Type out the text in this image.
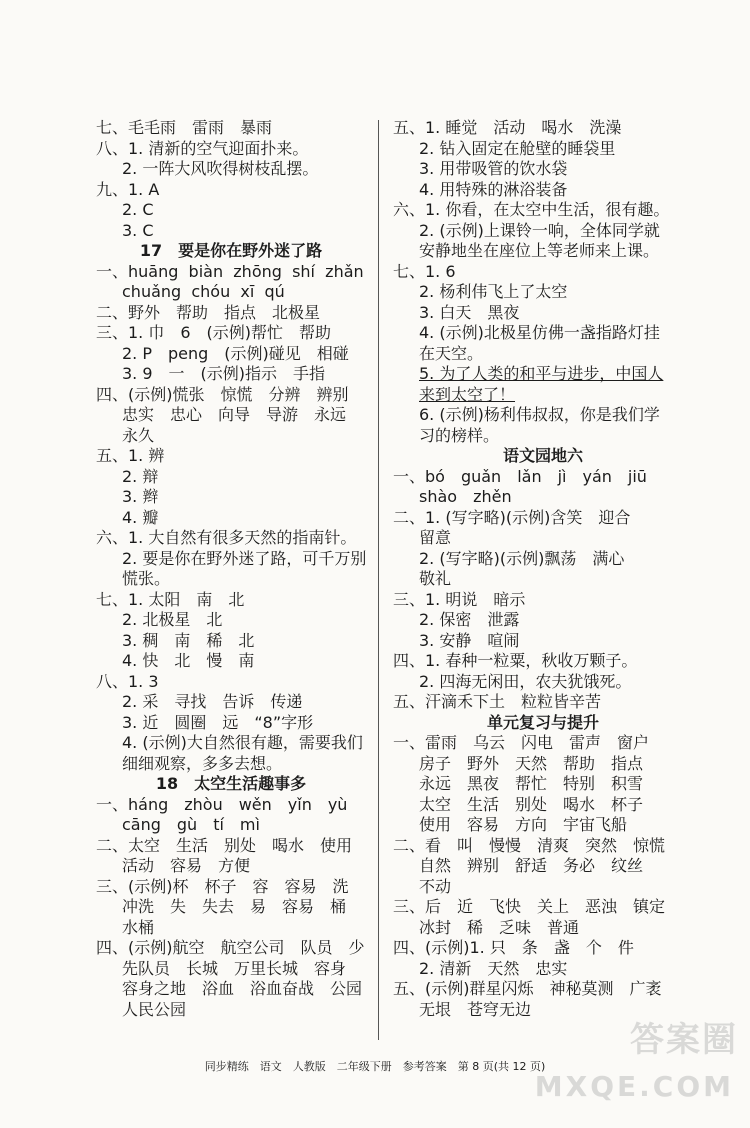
七、毛毛雨　雷雨　暴雨
八、1. 清新的空气迎面扑来。
2. 一阵大风吹得树枝乱摆。
九、1. A
2. C
3. C
17　要是你在野外迷了路
一、huāng  biàn  zhōng  shí  zhǎn
chuǎng  chóu  xī  qú
二、野外　帮助　指点　北极星
三、1. 巾　6　(示例)帮忙　帮助
2. P　peng　(示例)碰见　相碰
3. 9　一　(示例)指示　手指
四、(示例)慌张　惊慌　分辨　辨别
忠实　忠心　向导　导游　永远
永久
五、1. 辨
2. 辩
3. 辫
4. 瓣
六、1. 大自然有很多天然的指南针。
2. 要是你在野外迷了路，可千万别
慌张。
七、1. 太阳　南　北
2. 北极星　北
3. 稠　南　稀　北
4. 快　北　慢　南
八、1. 3
2. 采　寻找　告诉　传递
3. 近　圆圈　远　“8”字形
4. (示例)大自然很有趣，需要我们
细细观察，多多去想。
18　太空生活趣事多
一、háng　zhòu　wěn　yǐn　yù
cāng　gù　tí　mì
二、太空　生活　别处　喝水　使用
活动　容易　方便
三、(示例)杯　杯子　容　容易　洗
冲洗　失　失去　易　容易　桶
水桶
四、(示例)航空　航空公司　队员　少
先队员　长城　万里长城　容身
容身之地　浴血　浴血奋战　公园
人民公园
五、1. 睡觉　活动　喝水　洗澡
2. 钻入固定在舱壁的睡袋里
3. 用带吸管的饮水袋
4. 用特殊的淋浴装备
六、1. 你看，在太空中生活，很有趣。
2. (示例)上课铃一响，全体同学就
安静地坐在座位上等老师来上课。
七、1. 6
2. 杨利伟飞上了太空
3. 白天　黑夜
4. (示例)北极星仿佛一盏指路灯挂
在天空。
5. 为了人类的和平与进步，中国人
来到太空了！
6. (示例)杨利伟叔叔，你是我们学
习的榜样。
语文园地六
一、bó　guǎn　lǎn　jì　yán　jiū
shào　zhěn
二、1. (写字略)(示例)含笑　迎合
留意
2. (写字略)(示例)飘荡　满心
敬礼
三、1. 明说　暗示
2. 保密　泄露
3. 安静　喧闹
四、1. 春种一粒粟，秋收万颗子。
2. 四海无闲田，农夫犹饿死。
五、汗滴禾下土　粒粒皆辛苦
单元复习与提升
一、雷雨　乌云　闪电　雷声　窗户
房子　野外　天然　帮助　指点
永远　黑夜　帮忙　特别　积雪
太空　生活　别处　喝水　杯子
使用　容易　方向　宇宙飞船
二、看　叫　慢慢　清爽　突然　惊慌
自然　辨别　舒适　务必　纹丝
不动
三、后　近　飞快　关上　恶浊　镇定
冰封　稀　乏味　普通
四、(示例)1. 只　条　盏　个　件
2. 清新　天然　忠实
五、(示例)群星闪烁　神秘莫测　广袤
无垠　苍穹无边
同步精练　语文　人教版　二年级下册　参考答案　第 8 页(共 12 页)
答案圈
MXQE.COM
